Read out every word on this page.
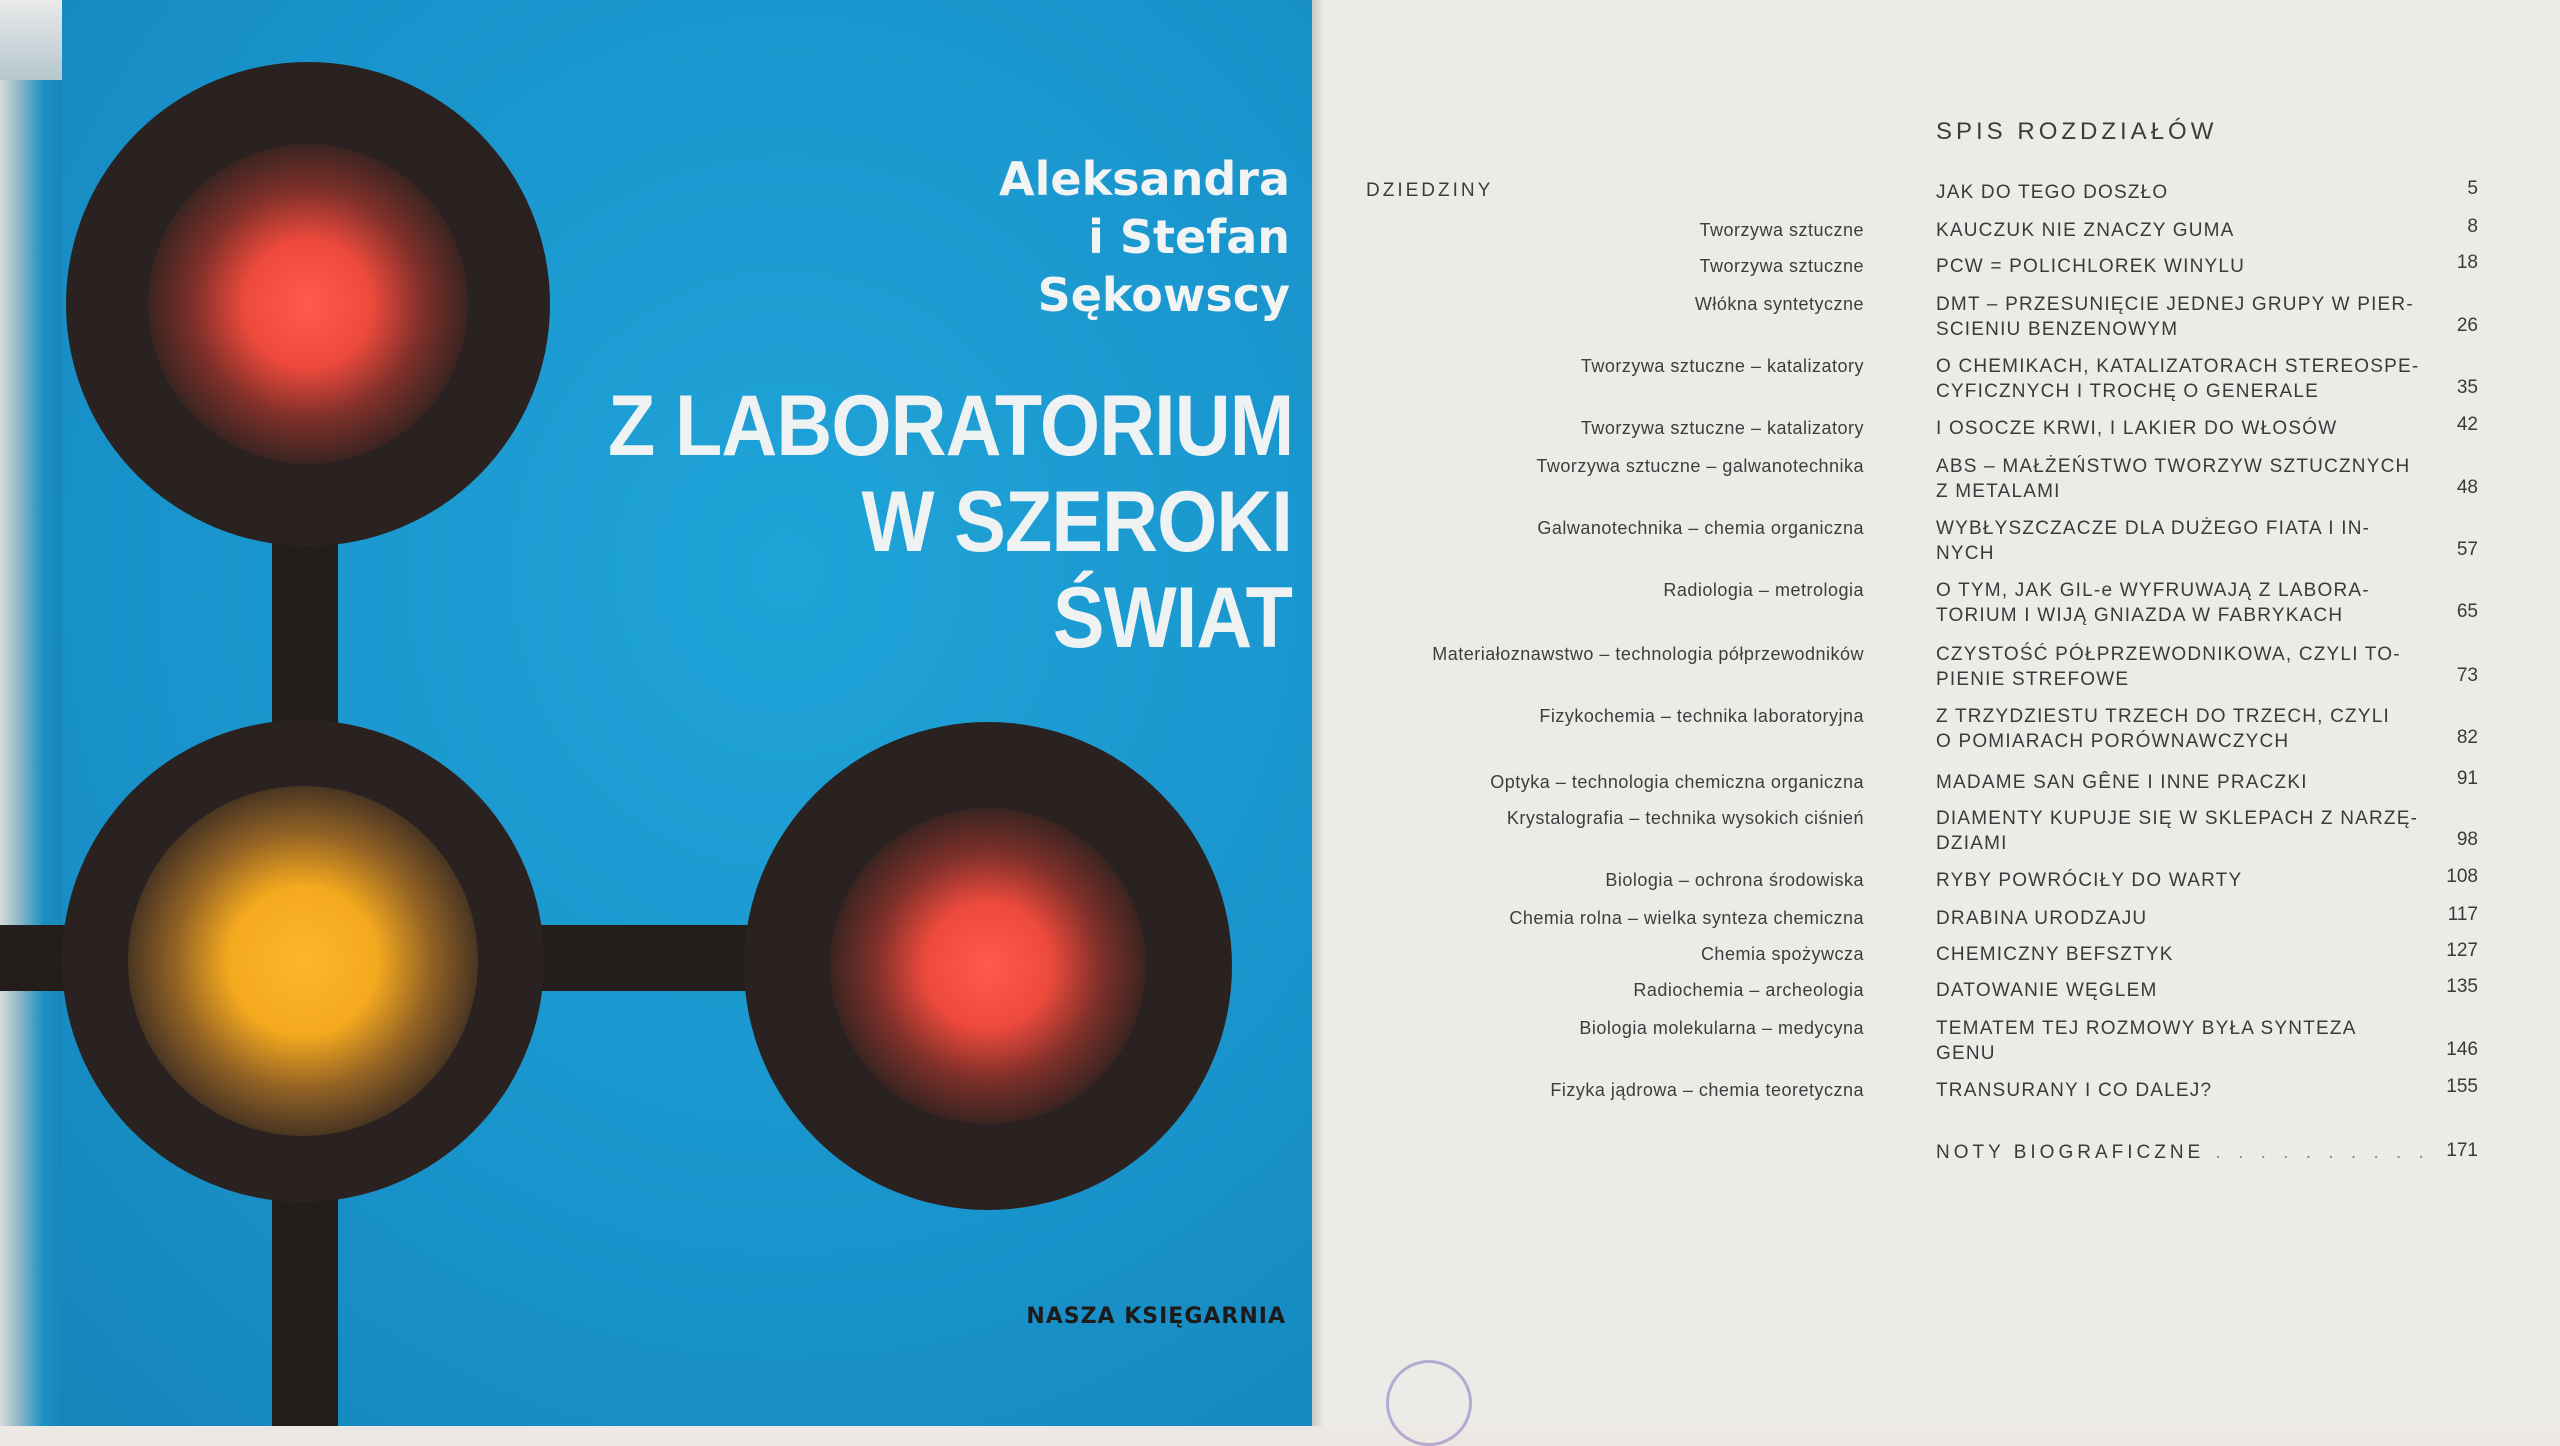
Aleksandra
i Stefan
Sękowscy
Z LABORATORIUM
W SZEROKI
ŚWIAT
NASZA KSIĘGARNIA
SPIS ROZDZIAŁÓW
DZIEDZINY	JAK DO TEGO DOSZŁO	5
Tworzywa sztuczne	KAUCZUK NIE ZNACZY GUMA	8
Tworzywa sztuczne	PCW = POLICHLOREK WINYLU	18
Włókna syntetyczne	DMT – PRZESUNIĘCIE JEDNEJ GRUPY W PIER-
SCIENIU BENZENOWYM	26
Tworzywa sztuczne – katalizatory	O CHEMIKACH, KATALIZATORACH STEREOSPE-
CYFICZNYCH I TROCHĘ O GENERALE	35
Tworzywa sztuczne – katalizatory	I OSOCZE KRWI, I LAKIER DO WŁOSÓW	42
Tworzywa sztuczne – galwanotechnika	ABS – MAŁŻEŃSTWO TWORZYW SZTUCZNYCH
Z METALAMI	48
Galwanotechnika – chemia organiczna	WYBŁYSZCZACZE DLA DUŻEGO FIATA I IN-
NYCH	57
Radiologia – metrologia	O TYM, JAK GIL-e WYFRUWAJĄ Z LABORA-
TORIUM I WIJĄ GNIAZDA W FABRYKACH	65
Materiałoznawstwo – technologia półprzewodników	CZYSTOŚĆ PÓŁPRZEWODNIKOWA, CZYLI TO-
PIENIE STREFOWE	73
Fizykochemia – technika laboratoryjna	Z TRZYDZIESTU TRZECH DO TRZECH, CZYLI
O POMIARACH PORÓWNAWCZYCH	82
Optyka – technologia chemiczna organiczna	MADAME SAN GÊNE I INNE PRACZKI	91
Krystalografia – technika wysokich ciśnień	DIAMENTY KUPUJE SIĘ W SKLEPACH Z NARZĘ-
DZIAMI	98
Biologia – ochrona środowiska	RYBY POWRÓCIŁY DO WARTY	108
Chemia rolna – wielka synteza chemiczna	DRABINA URODZAJU	117
Chemia spożywcza	CHEMICZNY BEFSZTYK	127
Radiochemia – archeologia	DATOWANIE WĘGLEM	135
Biologia molekularna – medycyna	TEMATEM TEJ ROZMOWY BYŁA SYNTEZA
GENU	146
Fizyka jądrowa – chemia teoretyczna	TRANSURANY I CO DALEJ?	155
NOTY BIOGRAFICZNE . . . . . . . . . . 171
